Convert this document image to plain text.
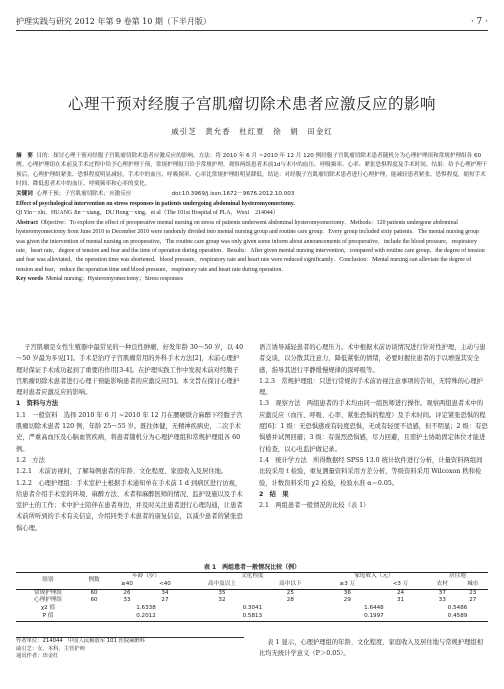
护理实践与研究 2012 年第 9 卷第 10 期（下半月版）	· 7 ·
心理干预对经腹子宫肌瘤切除术患者应激反应的影响
戚引芝　黄允香　杜红夏　徐　娟　田金红
摘　要 目的：探讨心理干预对经腹子宫肌瘤切除术患者应激反应的影响。方法：将 2010 年 6 月 ~2010 年 12 月 120 例经腹子宫肌瘤切除术患者随机分为心理护理组和常规护理组各 60 例。心理护理组在术前及手术过程中给予心理护理干预，常规护理组只给予常规护理。观察两组患者术前1d与术中的血压、呼吸频率、心率、紧张恐惧程度及手术时间。结果：给予心理护理干预后，心理护理组紧张、恐惧程度明显减轻，手术中的血压、呼吸频率、心率比常规护理组明显降低。结论：对经腹子宫肌瘤切除术患者进行心理护理，能减轻患者紧张、恐惧程度，缩短手术时间，降低患者术中的血压、呼吸频率和心率的变化。
关键词 心理干预；子宫肌瘤切除术；应激反应	doi:10.3969/j.issn.1672－9676.2012.10.003
Effect of psychological intervention on stress responses in patients undergoing abdominal hysteromyomectomy.
QI Yin－zhi，HUANG Jin－xiang，DU Hong－xing，et al（The 101st Hospital of PLA，Wuxi　214044）
Abstract Objective：To explore the effect of preoperative mental nursing on stress of patients underwent abdominal hysteromyomectomy．Methods：120 patients undergone abdominal hysteromyomectomy from June 2010 to December 2010 were randomly divided into mental nursing group and routine care group．Every group included sixty patients．The mental nursing group was given the intervention of mental nursing on preoperative，The routine care group was only given some inform about announcements of preoperative，include the blood pressure，respiratory rate，heart rate，degree of tension and fear and the time of operation during operation．Results：After given mental nursing intervention，compared with routine care group，the degree of tension and fear was alleviated，the operation time was shortened，blood pressure，respiratory rate and heart rate were reduced significantly．Conclusion：Mental nursing can alleviate the degree of tension and fear，reduce the operation time and blood pressure，respiratory rate and heart rate during operation．
Key words Mental nursing；Hysteromyomectomy；Stress responses

子宫肌瘤是女性生殖器中最常见的一种良性肿瘤，好发年龄 30～50 岁，以 40～50 岁最为多见[1]。手术是治疗子宫肌瘤常用的外科手术方法[2]，术前心理护理对保证手术成功起到了重要的作用[3-4]。在护理实践工作中发现术前对经腹子宫肌瘤切除术患者进行心理干预能影响患者的应激反应[5]。本文旨在探讨心理护理对患者应激反应的影响。

1　资料与方法

1.1　一般资料　选择 2010 年 6 月 ~2010 年 12 月在腰硬联合麻醉下经腹子宫肌瘤切除术患者 120 例，年龄 25～55 岁。既往体健，无精神疾病史，二次手术史，严重高血压及心脑血管疾病，将患者随机分为心理护理组和常规护理组各 60 例。

1.2　方法

1.2.1　术前访视时，了解每例患者的年龄、文化程度、家庭收入及居住地。

1.2.2　心理护理组：手术室护士根据手术通知单在手术前 1 d 到病区进行访视，给患者介绍手术室的环境、麻醉方法、术者和麻醉医师的情况、监护设施以及手术室护士的工作；术中护士陪伴在患者身边，并及时关注患者进行心理沟通，让患者术前所听到的手术有关信息，介绍同类手术患者的康复信息，以减少患者的紧张恐惧心理。

语言诱导减轻患者的心理压力。术中根据术前访谈情况进行针对性护理，主动与患者交谈，以分散其注意力，降低紧张的情绪，必要时握住患者的手以增强其安全感，指导其进行平静缓慢规律的深呼吸等。

1.2.3　常规护理组：只进行常规的手术前访视注意事项的告知，无特殊的心理护理。

1.3　观察方法　两组患者的手术均由同一组医师进行操作。观察两组患者术中的应激反应（血压、呼吸、心率、紧张恐惧的程度）及手术时间。评定紧张恐惧的程度[6]：1 级：无恐惧感或有轻度恐惧，无或有轻度不适感，但不明显；2 级：有恐惧感并试图回避；3 级：有强烈恐惧感，尽力回避，且需护士协助固定体位才能进行检查，以心电监护做记录。

1.4　统计学方法　所得数据经 SPSS 13.0 统计软件进行分析，计量资料两组间比较采用 t 检验，重复测量资料采用方差分析，等级资料采用 Wilcoxon 秩和检验，计数资料采用 χ2 检验，检验水准 α＝0.05。

2　结　果

2.1　两组患者一般情况的比较（表 1）

表 1　两组患者一般情况比较（例）
组别	例数	年龄（岁）		文化程度		家庭收入（元）		居住地	
		≥40	<40	高中及以上	高中以下	≥3 万	<3 万	农村	城市
常规护理组	60	26	34	35	25	36	24	37	23
心理护理组	60	33	27	32	28	29	31	33	27
χ2 值		1.6338		0.3041		1.6448		0.5486	
P 值		0.2012		0.5813		0.1997		0.4589	
作者单位：214044　中国人民解放军 101 医院麻醉科
戚引芝：女，本科，主管护师
通讯作者：田金红

表 1 显示，心理护理组的年龄、文化程度、家庭收入及居住地与常规护理组相比均无统计学意义（P＞0.05）。
